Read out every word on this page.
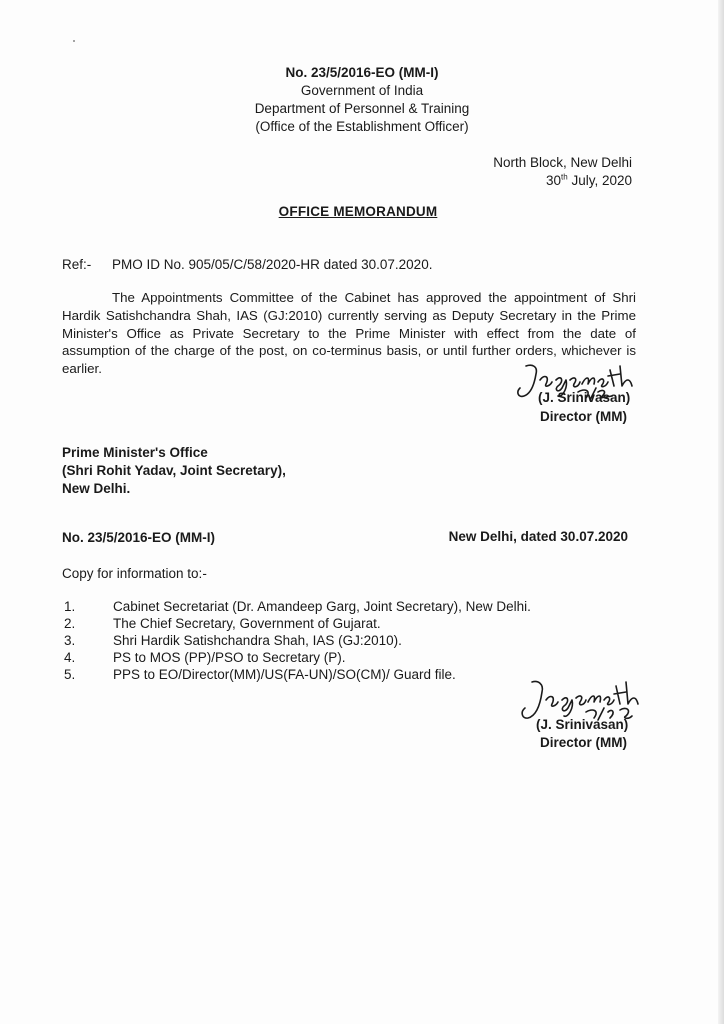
No. 23/5/2016-EO (MM-I)
Government of India
Department of Personnel & Training
(Office of the Establishment Officer)
North Block, New Delhi
30th July, 2020
OFFICE MEMORANDUM
Ref:- PMO ID No. 905/05/C/58/2020-HR dated 30.07.2020.
The Appointments Committee of the Cabinet has approved the appointment of Shri Hardik Satishchandra Shah, IAS (GJ:2010) currently serving as Deputy Secretary in the Prime Minister's Office as Private Secretary to the Prime Minister with effect from the date of assumption of the charge of the post, on co-terminus basis, or until further orders, whichever is earlier.
(J. Srinivasan)
Director (MM)
Prime Minister's Office
(Shri Rohit Yadav, Joint Secretary),
New Delhi.
No. 23/5/2016-EO (MM-I)	New Delhi, dated 30.07.2020
Copy for information to:-
1.	Cabinet Secretariat (Dr. Amandeep Garg, Joint Secretary), New Delhi.
2.	The Chief Secretary, Government of Gujarat.
3.	Shri Hardik Satishchandra Shah, IAS (GJ:2010).
4.	PS to MOS (PP)/PSO to Secretary (P).
5.	PPS to EO/Director(MM)/US(FA-UN)/SO(CM)/ Guard file.
(J. Srinivasan)
Director (MM)
